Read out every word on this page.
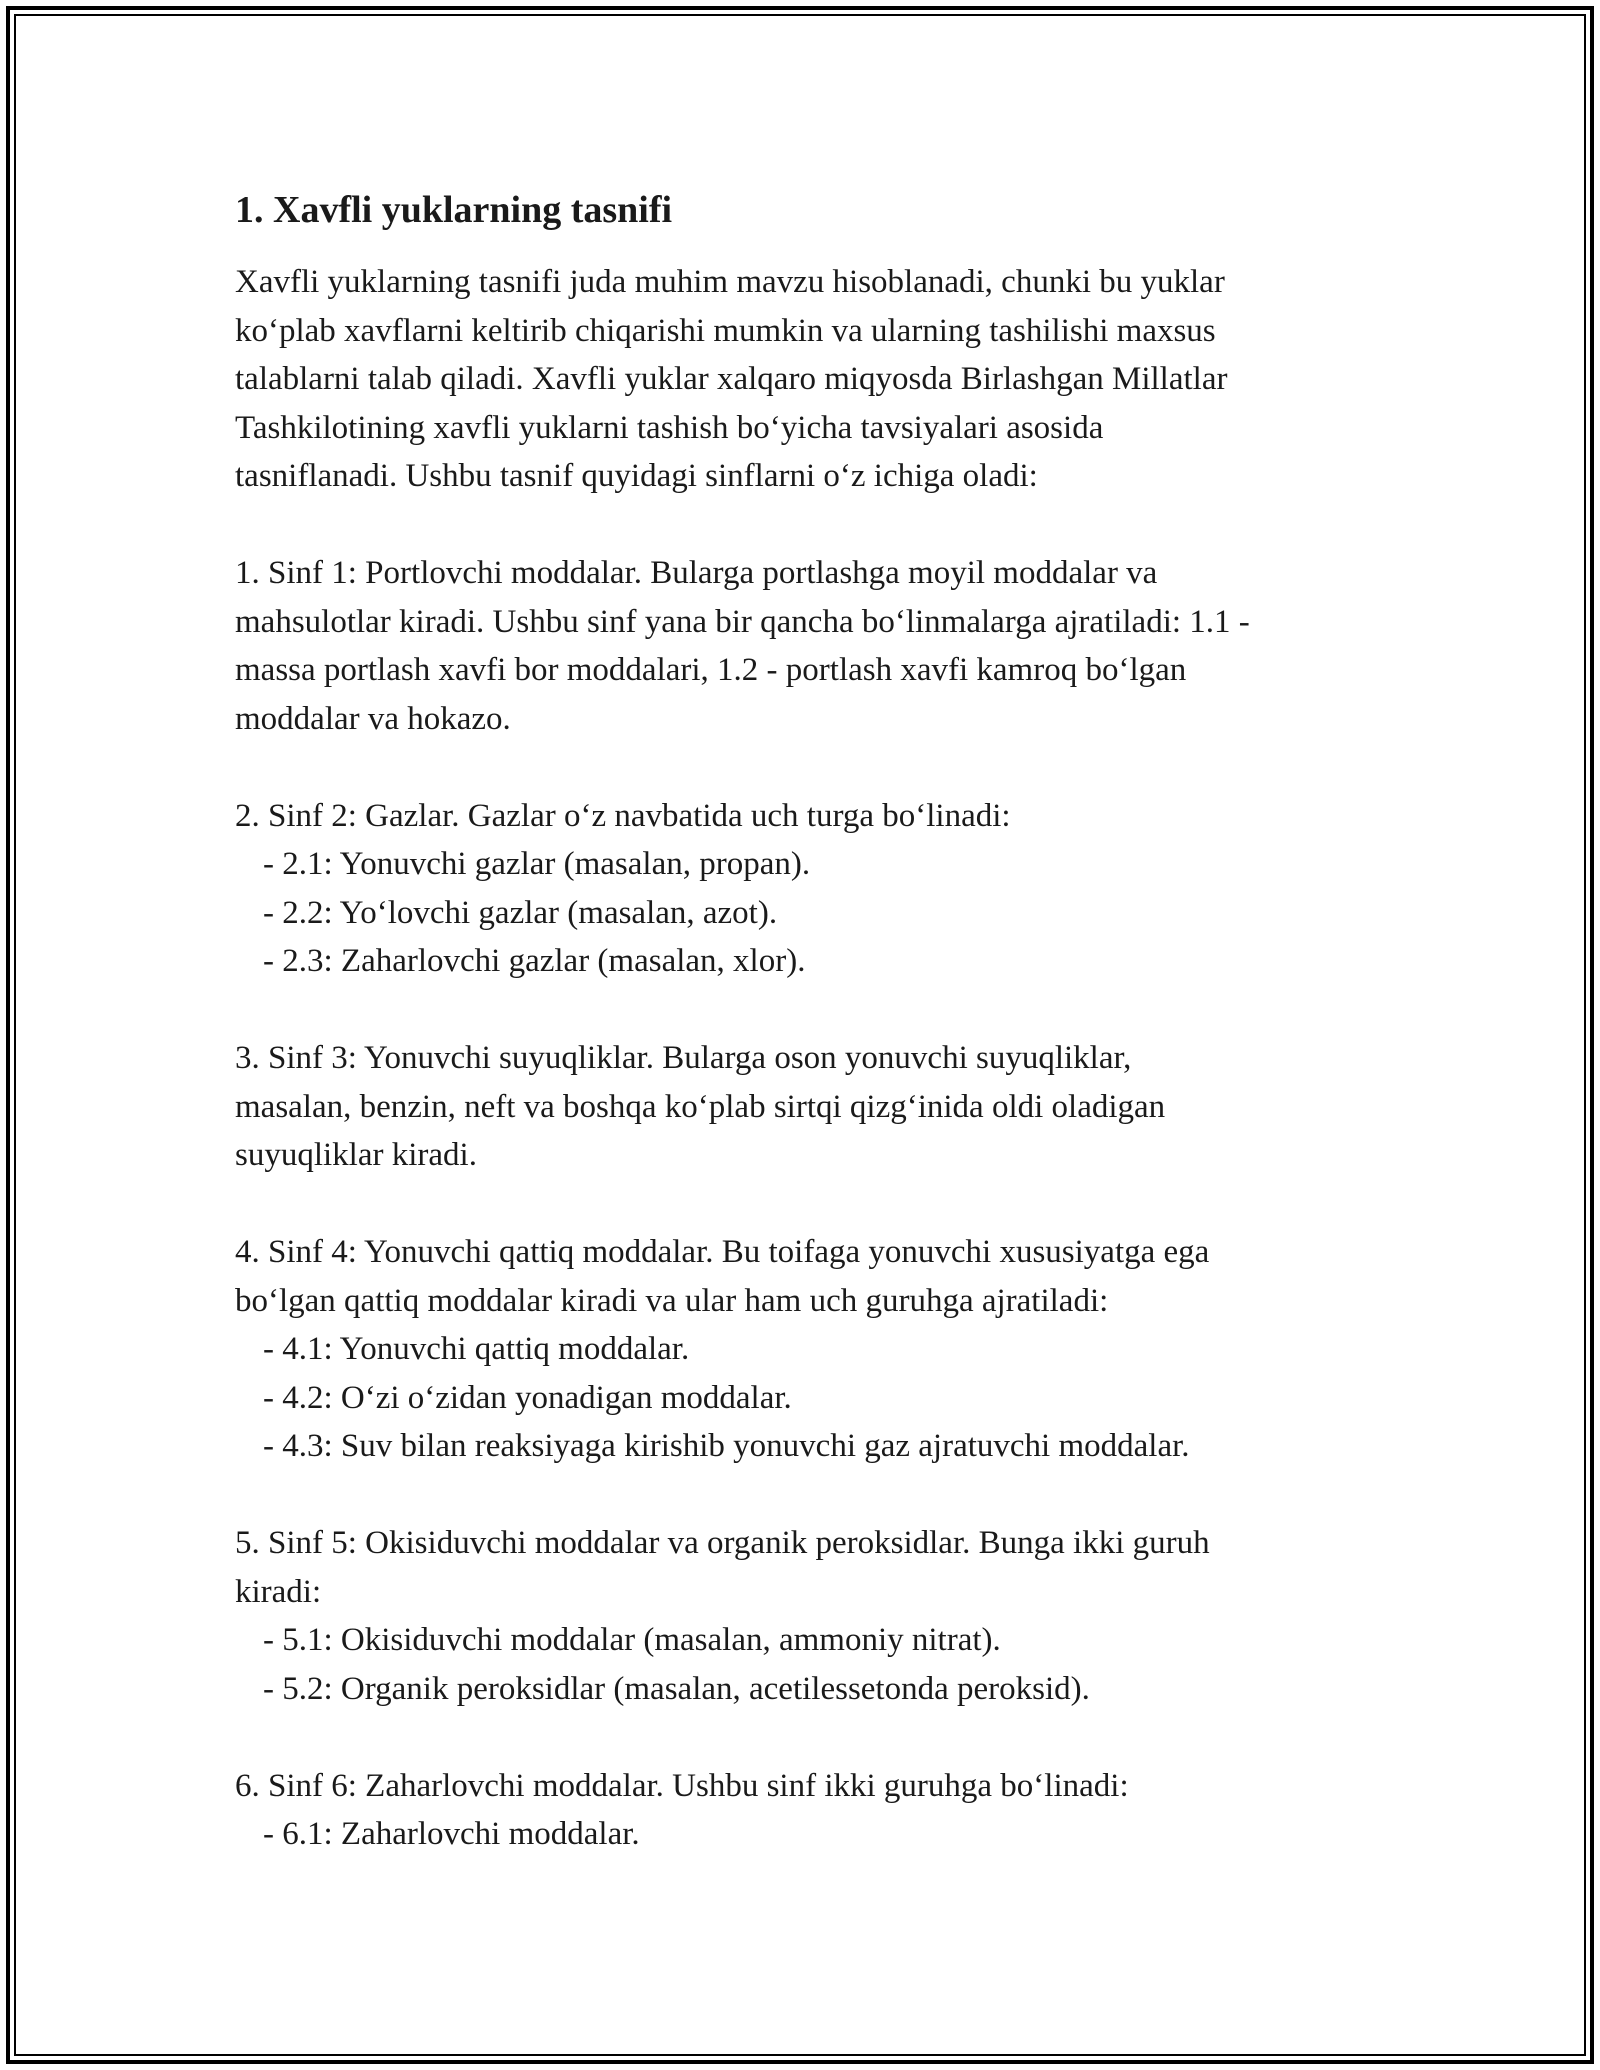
1. Xavfli yuklarning tasnifi

Xavfli yuklarning tasnifi juda muhim mavzu hisoblanadi, chunki bu yuklar
ko‘plab xavflarni keltirib chiqarishi mumkin va ularning tashilishi maxsus
talablarni talab qiladi. Xavfli yuklar xalqaro miqyosda Birlashgan Millatlar
Tashkilotining xavfli yuklarni tashish bo‘yicha tavsiyalari asosida
tasniflanadi. Ushbu tasnif quyidagi sinflarni o‘z ichiga oladi:

1. Sinf 1: Portlovchi moddalar. Bularga portlashga moyil moddalar va
mahsulotlar kiradi. Ushbu sinf yana bir qancha bo‘linmalarga ajratiladi: 1.1 -
massa portlash xavfi bor moddalari, 1.2 - portlash xavfi kamroq bo‘lgan
moddalar va hokazo.

2. Sinf 2: Gazlar. Gazlar o‘z navbatida uch turga bo‘linadi:
- 2.1: Yonuvchi gazlar (masalan, propan).
- 2.2: Yo‘lovchi gazlar (masalan, azot).
- 2.3: Zaharlovchi gazlar (masalan, xlor).

3. Sinf 3: Yonuvchi suyuqliklar. Bularga oson yonuvchi suyuqliklar,
masalan, benzin, neft va boshqa ko‘plab sirtqi qizg‘inida oldi oladigan
suyuqliklar kiradi.

4. Sinf 4: Yonuvchi qattiq moddalar. Bu toifaga yonuvchi xususiyatga ega
bo‘lgan qattiq moddalar kiradi va ular ham uch guruhga ajratiladi:
- 4.1: Yonuvchi qattiq moddalar.
- 4.2: O‘zi o‘zidan yonadigan moddalar.
- 4.3: Suv bilan reaksiyaga kirishib yonuvchi gaz ajratuvchi moddalar.

5. Sinf 5: Okisiduvchi moddalar va organik peroksidlar. Bunga ikki guruh
kiradi:
- 5.1: Okisiduvchi moddalar (masalan, ammoniy nitrat).
- 5.2: Organik peroksidlar (masalan, acetilessetonda peroksid).

6. Sinf 6: Zaharlovchi moddalar. Ushbu sinf ikki guruhga bo‘linadi:
- 6.1: Zaharlovchi moddalar.
